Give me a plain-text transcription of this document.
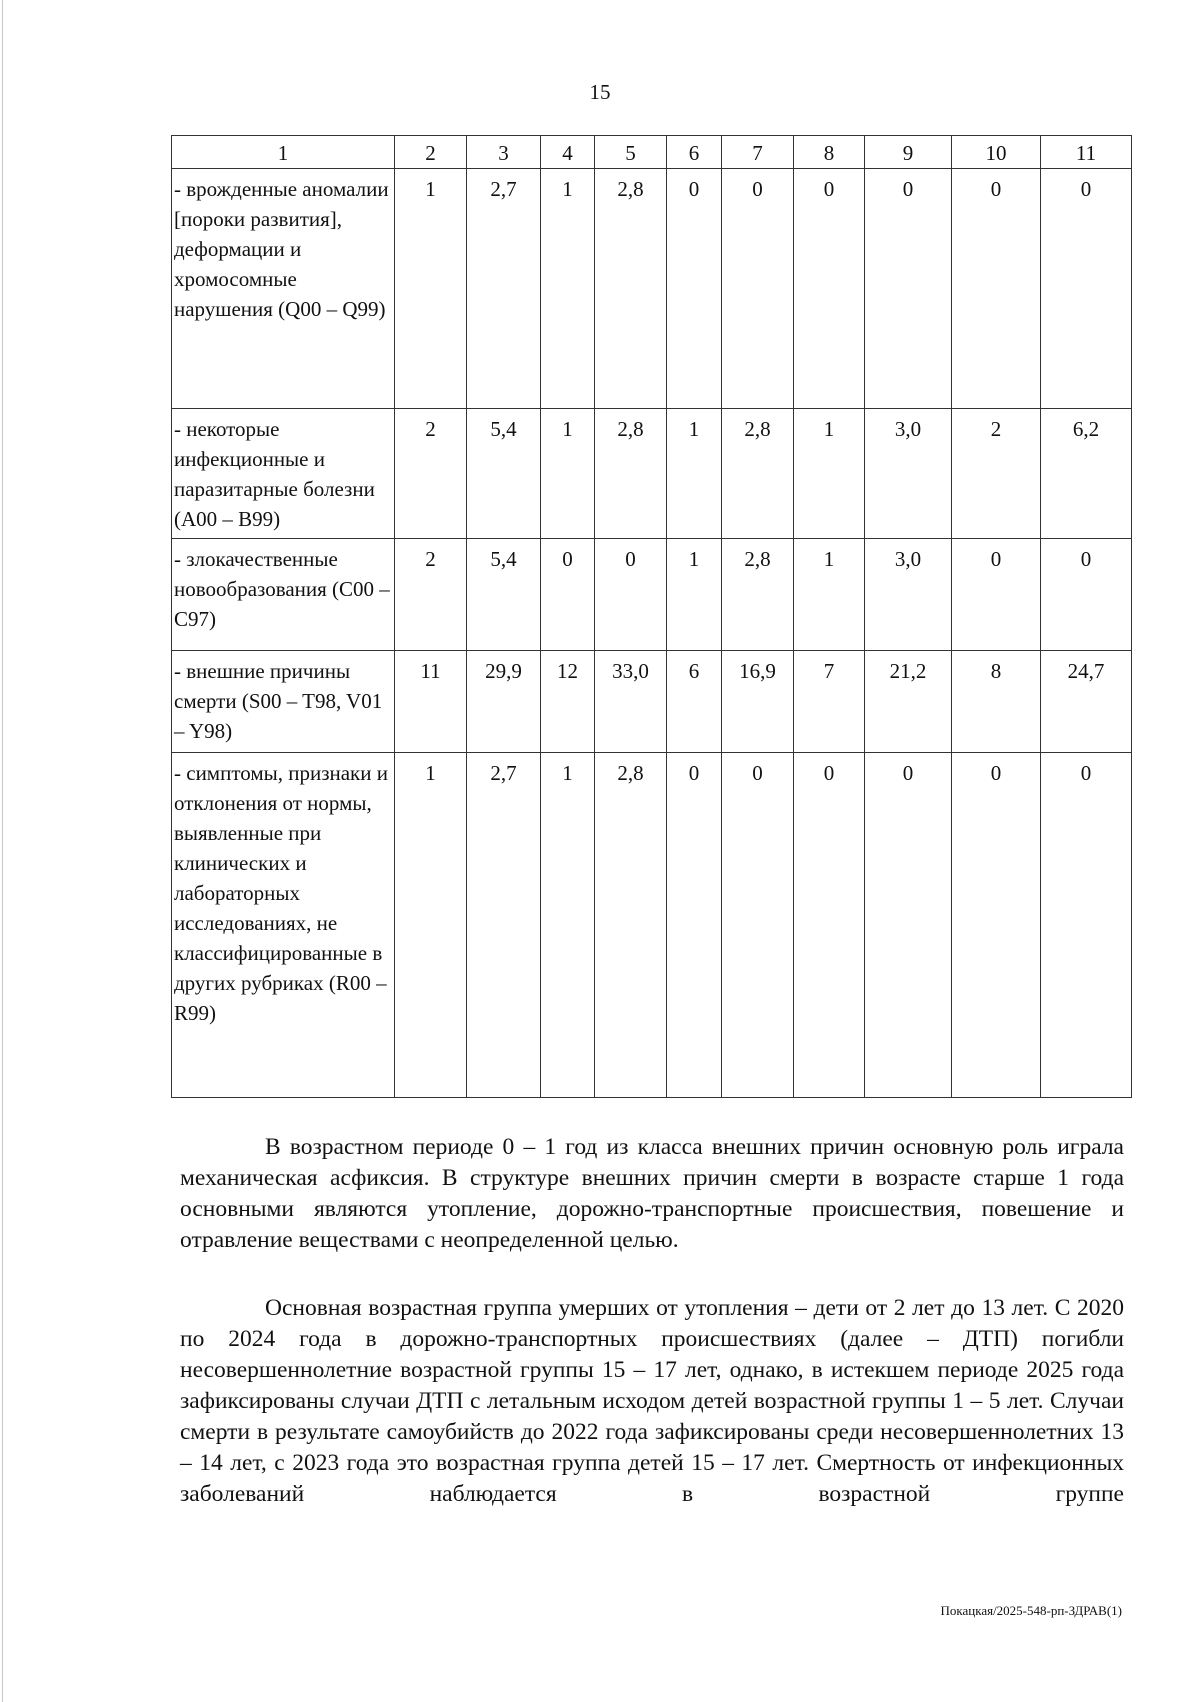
15
1	2	3	4	5	6	7	8	9	10	11
- врожденные аномалии [пороки развития], деформации и хромосомные нарушения (Q00 – Q99)	1	2,7	1	2,8	0	0	0	0	0	0
- некоторые инфекционные и паразитарные болезни (A00 – B99)	2	5,4	1	2,8	1	2,8	1	3,0	2	6,2
- злокачественные новообразования (C00 – C97)	2	5,4	0	0	1	2,8	1	3,0	0	0
- внешние причины смерти (S00 – T98, V01 – Y98)	11	29,9	12	33,0	6	16,9	7	21,2	8	24,7
- симптомы, признаки и отклонения от нормы, выявленные при клинических и лабораторных исследованиях, не классифицированные в других рубриках (R00 – R99)	1	2,7	1	2,8	0	0	0	0	0	0

В возрастном периоде 0 – 1 год из класса внешних причин основную роль играла механическая асфиксия. В структуре внешних причин смерти в возрасте старше 1 года основными являются утопление, дорожно-транспортные происшествия, повешение и отравление веществами с неопределенной целью.

Основная возрастная группа умерших от утопления – дети от 2 лет до 13 лет. С 2020 по 2024 года в дорожно-транспортных происшествиях (далее – ДТП) погибли несовершеннолетние возрастной группы 15 – 17 лет, однако, в истекшем периоде 2025 года зафиксированы случаи ДТП с летальным исходом детей возрастной группы 1 – 5 лет. Случаи смерти в результате самоубийств до 2022 года зафиксированы среди несовершеннолетних 13 – 14 лет, с 2023 года это возрастная группа детей 15 – 17 лет. Смертность от инфекционных заболеваний наблюдается в возрастной группе

Покацкая/2025-548-рп-ЗДРАВ(1)
